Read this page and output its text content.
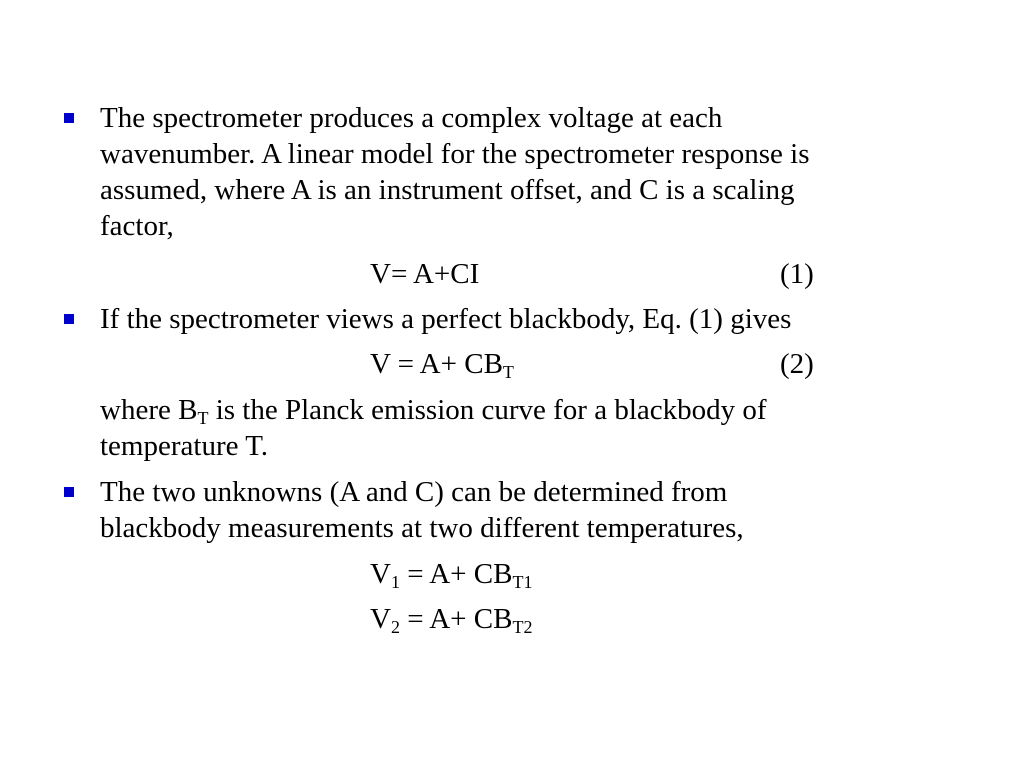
The spectrometer produces a complex voltage at each
wavenumber. A linear model for the spectrometer response is
assumed, where A is an instrument offset, and C is a scaling
factor,
V= A+CI	(1)
If the spectrometer views a perfect blackbody, Eq. (1) gives
$V = A+ CB_T$	(2)
where $B_T$ is the Planck emission curve for a blackbody of
temperature T.
The two unknowns (A and C) can be determined from
blackbody measurements at two different temperatures,
$V_1 = A+ CB_{T1}$
$V_2 = A+ CB_{T2}$
